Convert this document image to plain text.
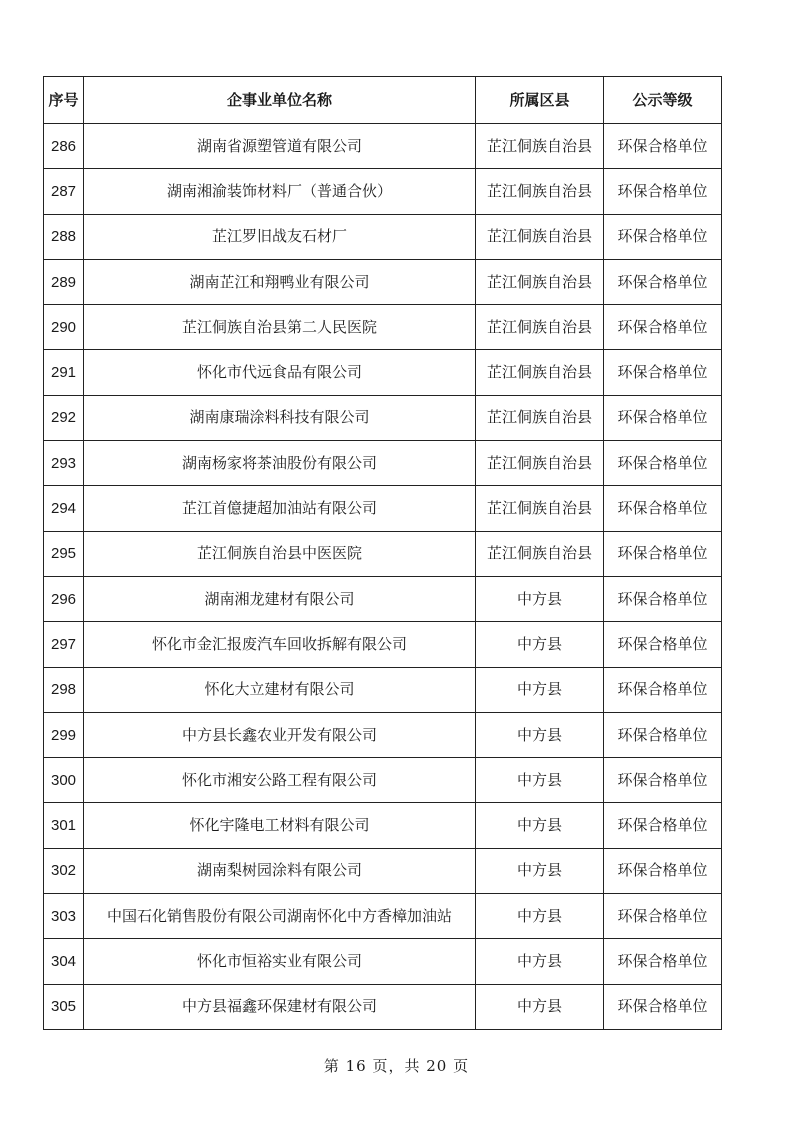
序号	企事业单位名称	所属区县	公示等级
286	湖南省源塑管道有限公司	芷江侗族自治县	环保合格单位
287	湖南湘渝装饰材料厂（普通合伙）	芷江侗族自治县	环保合格单位
288	芷江罗旧战友石材厂	芷江侗族自治县	环保合格单位
289	湖南芷江和翔鸭业有限公司	芷江侗族自治县	环保合格单位
290	芷江侗族自治县第二人民医院	芷江侗族自治县	环保合格单位
291	怀化市代远食品有限公司	芷江侗族自治县	环保合格单位
292	湖南康瑞涂料科技有限公司	芷江侗族自治县	环保合格单位
293	湖南杨家将茶油股份有限公司	芷江侗族自治县	环保合格单位
294	芷江首億捷超加油站有限公司	芷江侗族自治县	环保合格单位
295	芷江侗族自治县中医医院	芷江侗族自治县	环保合格单位
296	湖南湘龙建材有限公司	中方县	环保合格单位
297	怀化市金汇报废汽车回收拆解有限公司	中方县	环保合格单位
298	怀化大立建材有限公司	中方县	环保合格单位
299	中方县长鑫农业开发有限公司	中方县	环保合格单位
300	怀化市湘安公路工程有限公司	中方县	环保合格单位
301	怀化宇隆电工材料有限公司	中方县	环保合格单位
302	湖南梨树园涂料有限公司	中方县	环保合格单位
303	中国石化销售股份有限公司湖南怀化中方香樟加油站	中方县	环保合格单位
304	怀化市恒裕实业有限公司	中方县	环保合格单位
305	中方县福鑫环保建材有限公司	中方县	环保合格单位
第 16 页，共 20 页
